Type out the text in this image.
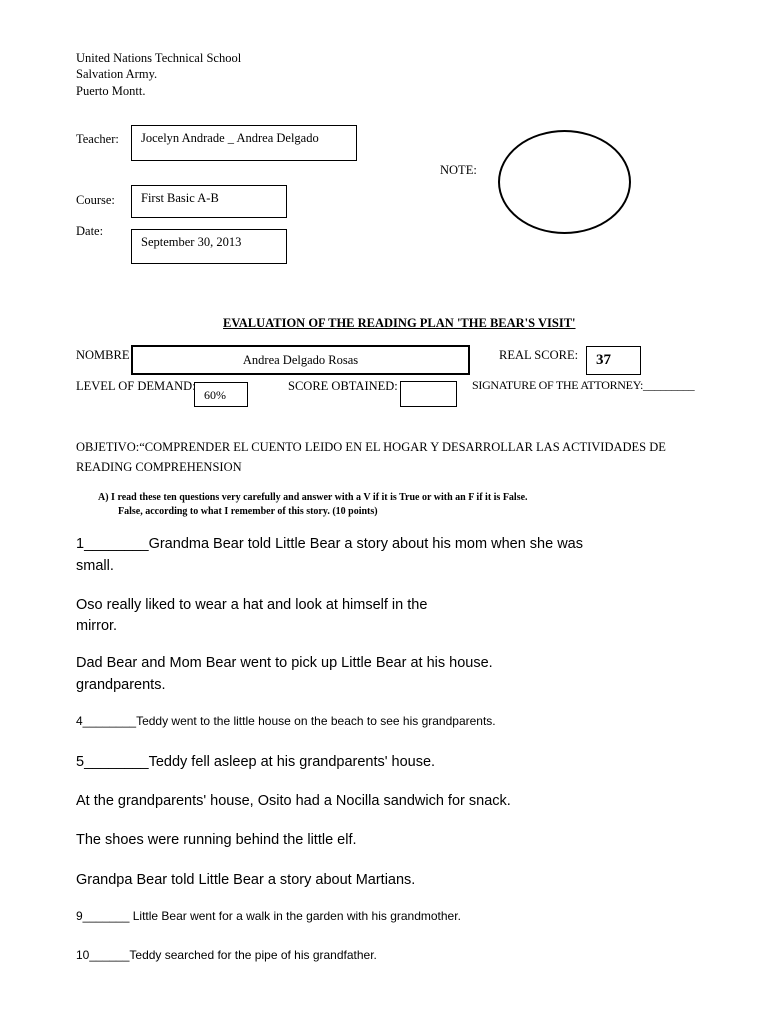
United Nations Technical School
Salvation Army.
Puerto Montt.
Teacher: Jocelyn Andrade _ Andrea Delgado
Course: First Basic A-B
Date:
September 30, 2013
NOTE:
EVALUATION OF THE READING PLAN 'THE BEAR'S VISIT'
NOMBRE	Andrea Delgado Rosas	REAL SCORE: 37
LEVEL OF DEMAND:
60%
SCORE OBTAINED:	SIGNATURE OF THE ATTORNEY:_________
OBJETIVO:“COMPRENDER EL CUENTO LEIDO EN EL HOGAR Y DESARROLLAR LAS ACTIVIDADES DE
READING COMPREHENSION
A) I read these ten questions very carefully and answer with a V if it is True or with an F if it is False.
False, according to what I remember of this story. (10 points)
1________Grandma Bear told Little Bear a story about his mom when she was
small.
Oso really liked to wear a hat and look at himself in the
mirror.
Dad Bear and Mom Bear went to pick up Little Bear at his house.
grandparents.
4________Teddy went to the little house on the beach to see his grandparents.
5________Teddy fell asleep at his grandparents' house.
At the grandparents' house, Osito had a Nocilla sandwich for snack.
The shoes were running behind the little elf.
Grandpa Bear told Little Bear a story about Martians.
9_______ Little Bear went for a walk in the garden with his grandmother.
10______Teddy searched for the pipe of his grandfather.
